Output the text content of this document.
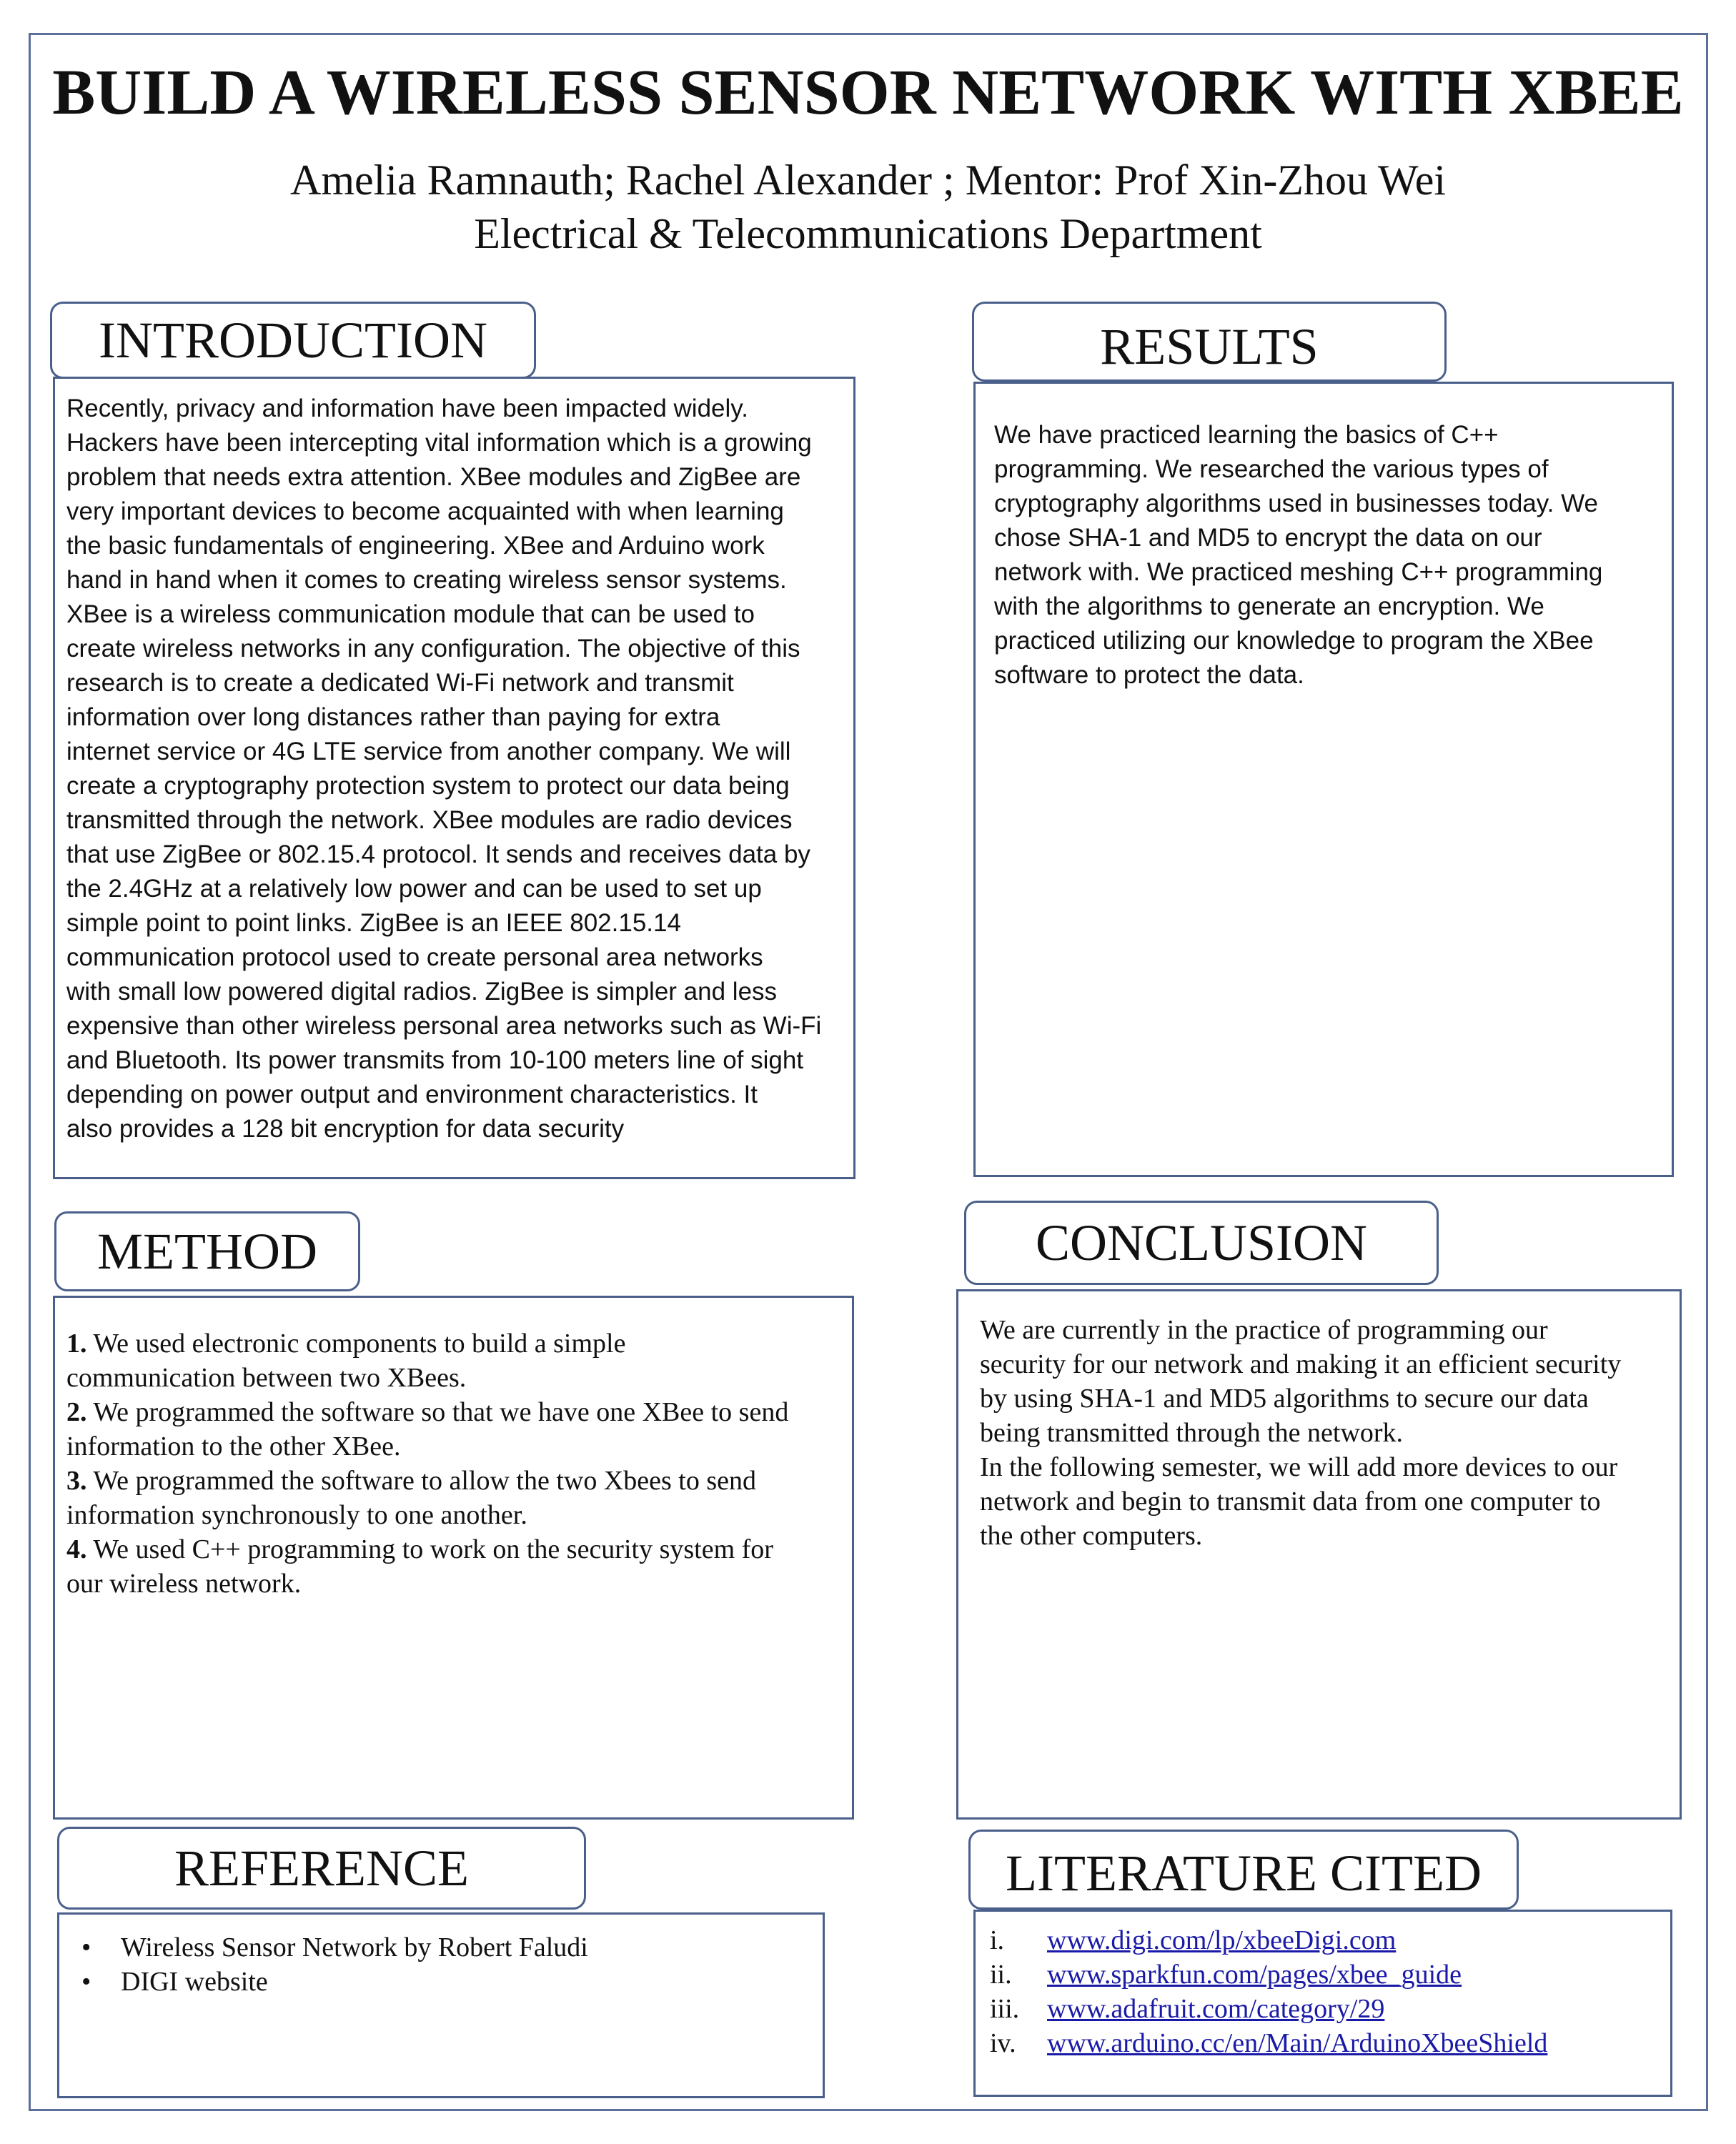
BUILD A WIRELESS SENSOR NETWORK WITH XBEE

Amelia Ramnauth; Rachel Alexander ; Mentor: Prof Xin-Zhou Wei

Electrical & Telecommunications Department

INTRODUCTION
Recently, privacy and information have been impacted widely.
Hackers have been intercepting vital information which is a growing
problem that needs extra attention. XBee modules and ZigBee are
very important devices to become acquainted with when learning
the basic fundamentals of engineering. XBee and Arduino work
hand in hand when it comes to creating wireless sensor systems.
XBee is a wireless communication module that can be used to
create wireless networks in any configuration. The objective of this
research is to create a dedicated Wi-Fi network and transmit
information over long distances rather than paying for extra
internet service or 4G LTE service from another company. We will
create a cryptography protection system to protect our data being
transmitted through the network. XBee modules are radio devices
that use ZigBee or 802.15.4 protocol. It sends and receives data by
the 2.4GHz at a relatively low power and can be used to set up
simple point to point links. ZigBee is an IEEE 802.15.14
communication protocol used to create personal area networks
with small low powered digital radios. ZigBee is simpler and less
expensive than other wireless personal area networks such as Wi-Fi
and Bluetooth. Its power transmits from 10-100 meters line of sight
depending on power output and environment characteristics. It
also provides a 128 bit encryption for data security
RESULTS
We have practiced learning the basics of C++
programming. We researched the various types of
cryptography algorithms used in businesses today. We
chose SHA-1 and MD5 to encrypt the data on our
network with. We practiced meshing C++ programming
with the algorithms to generate an encryption. We
practiced utilizing our knowledge to program the XBee
software to protect the data.
METHOD
1. We used electronic components to build a simple
communication between two XBees.
2. We programmed the software so that we have one XBee to send
information to the other XBee.
3. We programmed the software to allow the two Xbees to send
information synchronously to one another.
4. We used C++ programming to work on the security system for
our wireless network.
CONCLUSION
We are currently in the practice of programming our
security for our network and making it an efficient security
by using SHA-1 and MD5 algorithms to secure our data
being transmitted through the network.
In the following semester, we will add more devices to our
network and begin to transmit data from one computer to
the other computers.
REFERENCE
•	Wireless Sensor Network by Robert Faludi
•	DIGI website
LITERATURE CITED
i.	www.digi.com/lp/xbeeDigi.com
ii.	www.sparkfun.com/pages/xbee_guide
iii.	www.adafruit.com/category/29
iv.	www.arduino.cc/en/Main/ArduinoXbeeShield
